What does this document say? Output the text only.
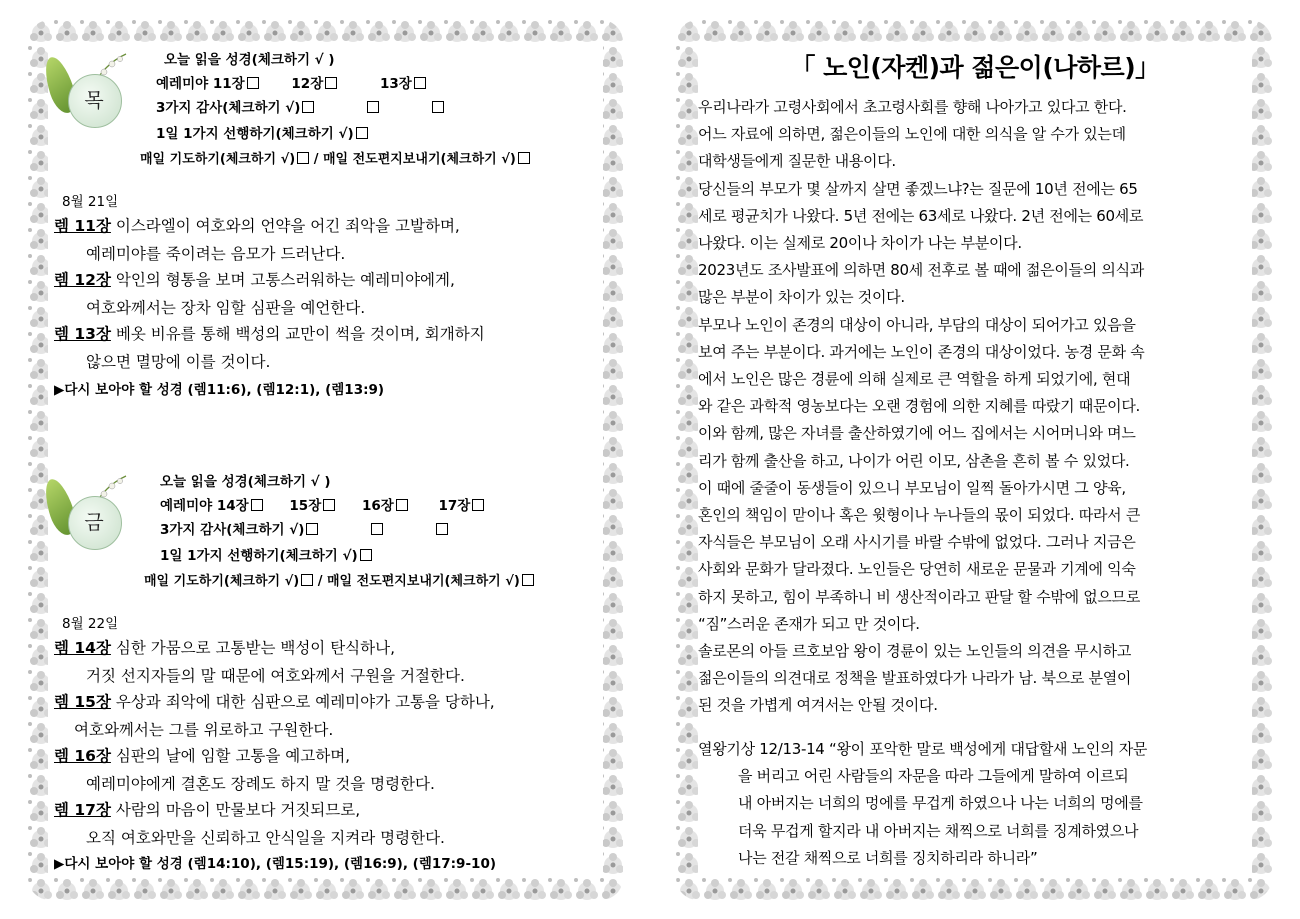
목
오늘 읽을 성경(체크하기 √ )
예레미야 11장	12장	13장
3가지 감사(체크하기 √)
1일 1가지 선행하기(체크하기 √)
매일 기도하기(체크하기 √) / 매일 전도편지보내기(체크하기 √)
8월 21일
렘 11장 이스라엘이 여호와의 언약을 어긴 죄악을 고발하며,
예레미야를 죽이려는 음모가 드러난다.
렘 12장 악인의 형통을 보며 고통스러워하는 예레미야에게,
여호와께서는 장차 임할 심판을 예언한다.
렘 13장 베옷 비유를 통해 백성의 교만이 썩을 것이며, 회개하지
않으면 멸망에 이를 것이다.
▶다시 보아야 할 성경 (렘11:6), (렘12:1), (렘13:9)
금
오늘 읽을 성경(체크하기 √ )
예레미야 14장	15장	16장	17장
3가지 감사(체크하기 √)
1일 1가지 선행하기(체크하기 √)
매일 기도하기(체크하기 √) / 매일 전도편지보내기(체크하기 √)
8월 22일
렘 14장 심한 가뭄으로 고통받는 백성이 탄식하나,
거짓 선지자들의 말 때문에 여호와께서 구원을 거절한다.
렘 15장 우상과 죄악에 대한 심판으로 예레미야가 고통을 당하나,
여호와께서는 그를 위로하고 구원한다.
렘 16장 심판의 날에 임할 고통을 예고하며,
예레미야에게 결혼도 장례도 하지 말 것을 명령한다.
렘 17장 사람의 마음이 만물보다 거짓되므로,
오직 여호와만을 신뢰하고 안식일을 지켜라 명령한다.
▶다시 보아야 할 성경 (렘14:10), (렘15:19), (렘16:9), (렘17:9-10)
「 노인(자켄)과 젊은이(나하르)」
우리나라가 고령사회에서 초고령사회를 향해 나아가고 있다고 한다.
어느 자료에 의하면, 젊은이들의 노인에 대한 의식을 알 수가 있는데
대학생들에게 질문한 내용이다.
당신들의 부모가 몇 살까지 살면 좋겠느냐?는 질문에 10년 전에는 65
세로 평균치가 나왔다. 5년 전에는 63세로 나왔다. 2년 전에는 60세로
나왔다. 이는 실제로 20이나 차이가 나는 부분이다.
2023년도 조사발표에 의하면 80세 전후로 볼 때에 젊은이들의 의식과
많은 부분이 차이가 있는 것이다.
부모나 노인이 존경의 대상이 아니라, 부담의 대상이 되어가고 있음을
보여 주는 부분이다. 과거에는 노인이 존경의 대상이었다. 농경 문화 속
에서 노인은 많은 경륜에 의해 실제로 큰 역할을 하게 되었기에, 현대
와 같은 과학적 영농보다는 오랜 경험에 의한 지혜를 따랐기 때문이다.
이와 함께, 많은 자녀를 출산하였기에 어느 집에서는 시어머니와 며느
리가 함께 출산을 하고, 나이가 어린 이모, 삼촌을 흔히 볼 수 있었다.
이 때에 줄줄이 동생들이 있으니 부모님이 일찍 돌아가시면 그 양육,
혼인의 책임이 맏이나 혹은 윗형이나 누나들의 몫이 되었다. 따라서 큰
자식들은 부모님이 오래 사시기를 바랄 수밖에 없었다. 그러나 지금은
사회와 문화가 달라졌다. 노인들은 당연히 새로운 문물과 기계에 익숙
하지 못하고, 힘이 부족하니 비 생산적이라고 판달 할 수밖에 없으므로
“짐”스러운 존재가 되고 만 것이다.
솔로몬의 아들 르호보암 왕이 경륜이 있는 노인들의 의견을 무시하고
젊은이들의 의견대로 정책을 발표하였다가 나라가 남. 북으로 분열이
된 것을 가볍게 여겨서는 안될 것이다.
열왕기상 12/13-14 “왕이 포악한 말로 백성에게 대답할새 노인의 자문
을 버리고 어린 사람들의 자문을 따라 그들에게 말하여 이르되
내 아버지는 너희의 멍에를 무겁게 하였으나 나는 너희의 멍에를
더욱 무겁게 할지라 내 아버지는 채찍으로 너희를 징계하였으나
나는 전갈 채찍으로 너희를 징치하리라 하니라”
